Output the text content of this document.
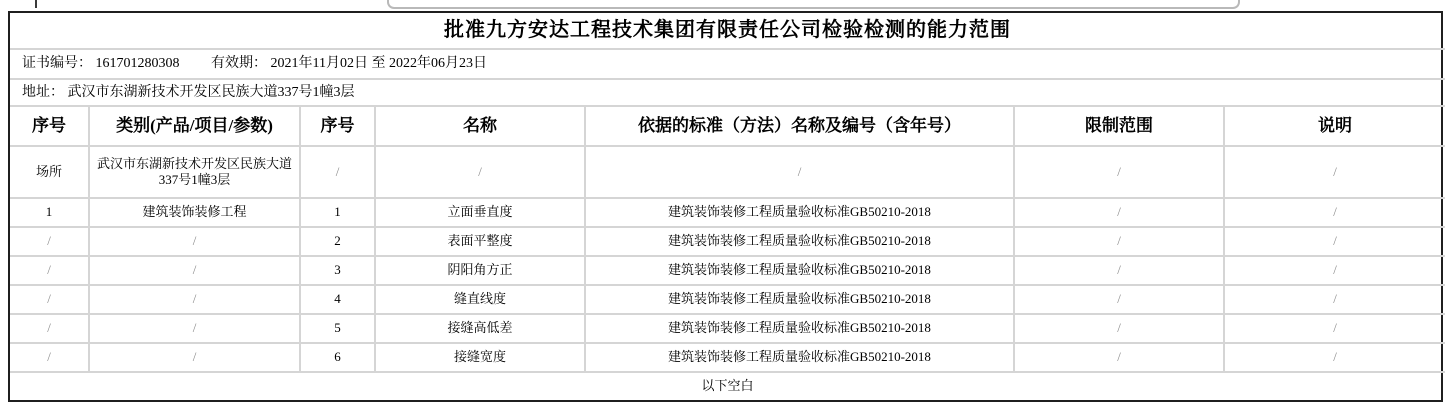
批准九方安达工程技术集团有限责任公司检验检测的能力范围						
证书编号： 161701280308 有效期： 2021年11月02日 至 2022年06月23日						
地址： 武汉市东湖新技术开发区民族大道337号1幢3层						
序号	类别(产品/项目/参数)	序号	名称	依据的标准（方法）名称及编号（含年号）	限制范围	说明
场所	武汉市东湖新技术开发区民族大道337号1幢3层	/	/	/	/	/
1	建筑装饰装修工程	1	立面垂直度	建筑装饰装修工程质量验收标准GB50210-2018	/	/
/	/	2	表面平整度	建筑装饰装修工程质量验收标准GB50210-2018	/	/
/	/	3	阴阳角方正	建筑装饰装修工程质量验收标准GB50210-2018	/	/
/	/	4	缝直线度	建筑装饰装修工程质量验收标准GB50210-2018	/	/
/	/	5	接缝高低差	建筑装饰装修工程质量验收标准GB50210-2018	/	/
/	/	6	接缝宽度	建筑装饰装修工程质量验收标准GB50210-2018	/	/
以下空白						
